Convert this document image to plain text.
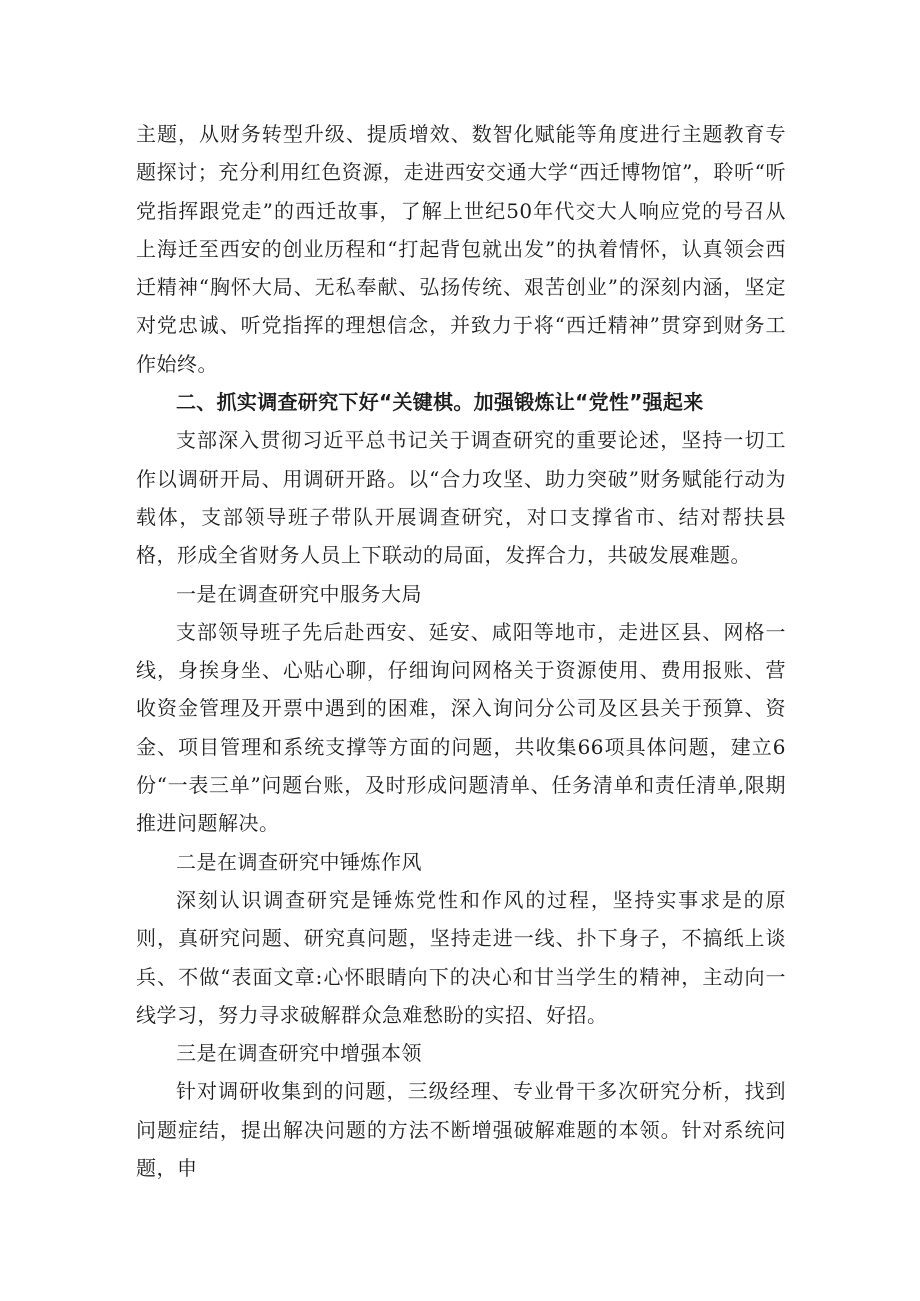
主题，从财务转型升级、提质增效、数智化赋能等角度进行主题教育专题探讨；充分利用红色资源，走进西安交通大学“西迁博物馆”，聆听“听党指挥跟党走”的西迁故事，了解上世纪50年代交大人响应党的号召从上海迁至西安的创业历程和“打起背包就出发”的执着情怀，认真领会西迁精神“胸怀大局、无私奉献、弘扬传统、艰苦创业”的深刻内涵，坚定对党忠诚、听党指挥的理想信念，并致力于将“西迁精神”贯穿到财务工作始终。

二、抓实调查研究下好“关键棋。加强锻炼让“党性”强起来

支部深入贯彻习近平总书记关于调查研究的重要论述，坚持一切工作以调研开局、用调研开路。以“合力攻坚、助力突破”财务赋能行动为载体，支部领导班子带队开展调查研究，对口支撑省市、结对帮扶县格，形成全省财务人员上下联动的局面，发挥合力，共破发展难题。

一是在调查研究中服务大局

支部领导班子先后赴西安、延安、咸阳等地市，走进区县、网格一线，身挨身坐、心贴心聊，仔细询问网格关于资源使用、费用报账、营收资金管理及开票中遇到的困难，深入询问分公司及区县关于预算、资金、项目管理和系统支撑等方面的问题，共收集66项具体问题，建立6份“一表三单”问题台账，及时形成问题清单、任务清单和责任清单,限期推进问题解决。

二是在调查研究中锤炼作风

深刻认识调查研究是锤炼党性和作风的过程，坚持实事求是的原则，真研究问题、研究真问题，坚持走进一线、扑下身子，不搞纸上谈兵、不做“表面文章:心怀眼睛向下的决心和甘当学生的精神，主动向一线学习，努力寻求破解群众急难愁盼的实招、好招。

三是在调查研究中增强本领

针对调研收集到的问题，三级经理、专业骨干多次研究分析，找到问题症结，提出解决问题的方法不断增强破解难题的本领。针对系统问题，申
